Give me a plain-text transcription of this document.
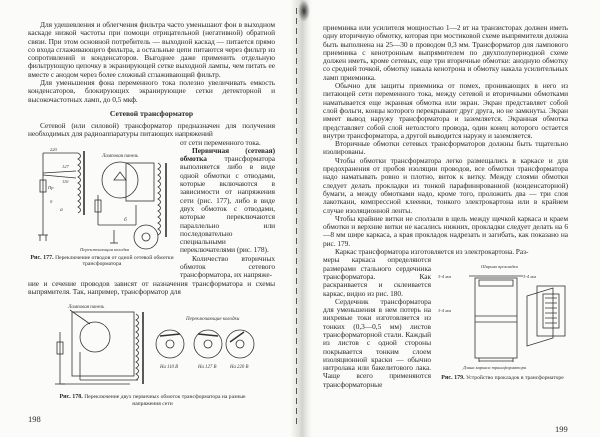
Для удешевления и облегчения фильтра часто уменьшают фон в выходном каскаде низкой частоты при помощи отрицательной (негативной) обратной связи. При этом основной потребитель — выходной каскад — питается прямо со входа сглаживающего фильтра, а остальные цепи питаются через фильтр из сопротивлений и конденсаторов. Выгоднее даже применить отдельную фильтрующую цепочку в экранирующей сетке выходной лампы, чем питать ее вместе с анодом через более сложный сглаживающий фильтр.

Для уменьшения фона переменного тока полезно увеличивать емкость конденсаторов, блокирующих экранирующие сетки детекторной и высокочастотных ламп, до 0,5 мкф.

Сетевой трансформатор

Сетевой (или силовой) трансформатор предназначен для получения необходимых для радиоаппаратуры питающих напряжений

220
127
110
0
Пр
Ламповая панель
а
б
Переключающая колодка
Рис. 177. Переключение отводов от одной сетевой обмотки трансформатора

от сети переменного тока.

Первичная (сетевая) обмотка трансформатора выполняется либо в виде одной обмотки с отводами, которые включаются в зависимости от напряжения сети (рис. 177), либо в виде двух обмоток с отводами, которые переключаются параллельно или последовательно специальными переключателями (рис. 178).

Количество вторичных обмоток сетевого трансформатора, их напряже-

ние и сечение проводов зависят от назначения трансформатора и схемы выпрямителя. Так, например, трансформатор для

Ламповая панель
Переключающие колодки
На 110 В	На 127 В	На 220 В
Рис. 178. Переключение двух первичных обмоток трансформатора на разные напряжения сети
198

приемника или усилителя мощностью 1—2 вт на транзисторах должен иметь одну вторичную обмотку, которая при мостиковой схеме выпрямителя должна быть выполнена на 25—30 в проводом 0,3 мм. Трансформатор для лампового приемника с кенотронным выпрямителем по двухполупериодной схеме должен иметь, кроме сетевых, еще три вторичные обмотки: анодную обмотку со средней точкой, обмотку накала кенотрона и обмотку накала усилительных ламп приемника.

Обычно для защиты приемника от помех, проникающих в него из питающей сети переменного тока, между сетевой и вторичными обмотками наматывается еще экранная обмотка или экран. Экран представляет собой слой фольги, концы которого перекрывают друг друга, но не замкнуты. Экран имеет вывод наружу трансформатора и заземляется. Экранная обмотка представляет собой слой нетолстого провода, один конец которого остается внутри трансформатора, а другой выводится наружу и заземляется.

Вторичные обмотки сетевых трансформаторов должны быть тщательно изолированы.

Чтобы обмотки трансформатора легко размещались в каркасе и для предохранения от пробоя изоляции проводов, все обмотки трансформатора надо наматывать ровно и плотно, виток к витку. Между слоями обмотки следует делать прокладки из тонкой парафинированной (конденсаторной) бумаги, а между обмотками надо, кроме того, проложить два — три слоя лакоткани, компрессной клеенки, тонкого электрокартона или в крайнем случае изоляционной ленты.

Чтобы крайние витки не сползали в щель между щечкой каркаса и краем обмотки и верхние витки не касались нижних, прокладки следует делать на 6—8 мм шире каркаса, а края прокладок надрезать и загибать, как показано на рис. 179.

Каркас трансформатора изготовляется из электрокартона. Раз-

меры каркаса определяются размерами стального сердечника трансформатора. Как раскраивается и склеивается каркас, видно из рис. 180.

Сердечник трансформатора для уменьшения в нем потерь на вихревые токи изготовляется из тонких (0,3—0,5 мм) листов трансформаторной стали. Каждый из листов с одной стороны покрывается тонким слоем изоляционной краски — обычно нитролака или бакелитового лака. Чаще всего применяются трансформаторные

Ширина прокладки
3-4 мм	3-4 мм
3-4 мм
Длина каркаса трансформатора
Рис. 179. Устройство прокладок в трансформаторе
199
